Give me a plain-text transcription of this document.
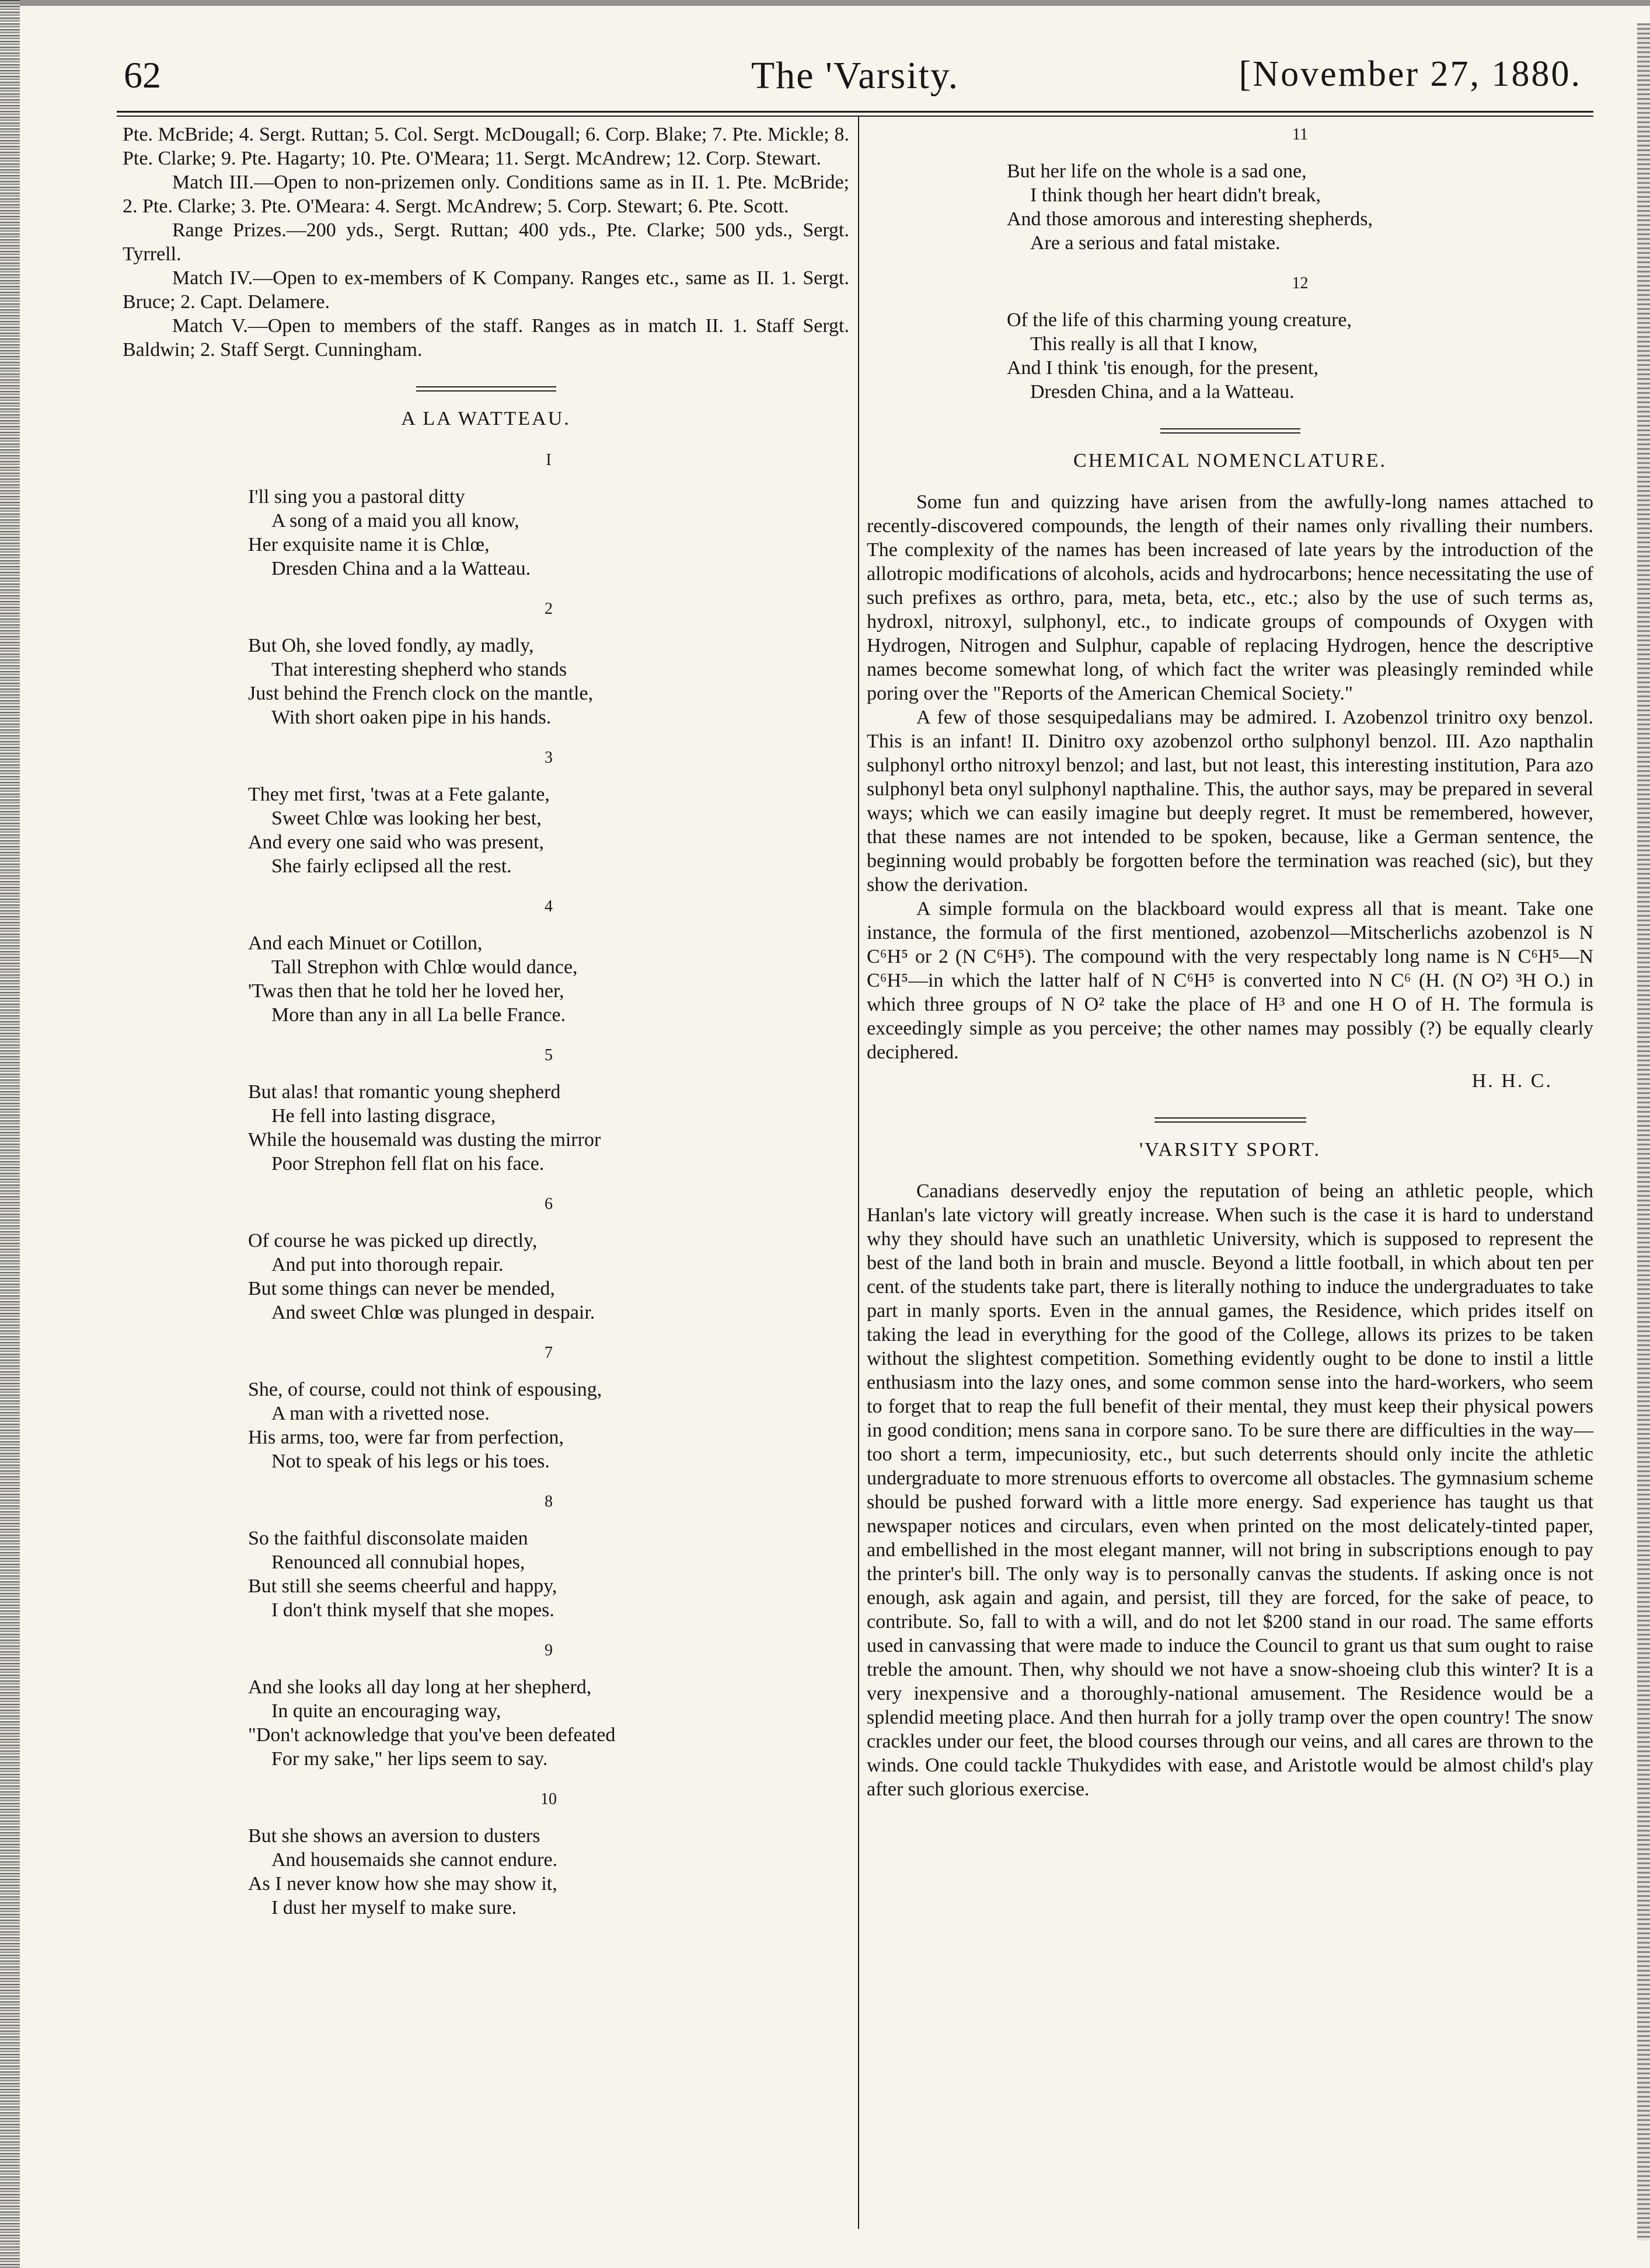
62	The 'Varsity.	[November 27, 1880.

Pte. McBride; 4. Sergt. Ruttan; 5. Col. Sergt. McDougall; 6. Corp. Blake; 7. Pte. Mickle; 8. Pte. Clarke; 9. Pte. Hagarty; 10. Pte. O'Meara; 11. Sergt. McAndrew; 12. Corp. Stewart.

Match III.—Open to non-prizemen only. Conditions same as in II. 1. Pte. McBride; 2. Pte. Clarke; 3. Pte. O'Meara: 4. Sergt. McAndrew; 5. Corp. Stewart; 6. Pte. Scott.

Range Prizes.—200 yds., Sergt. Ruttan; 400 yds., Pte. Clarke; 500 yds., Sergt. Tyrrell.

Match IV.—Open to ex-members of K Company. Ranges etc., same as II. 1. Sergt. Bruce; 2. Capt. Delamere.

Match V.—Open to members of the staff. Ranges as in match II. 1. Staff Sergt. Baldwin; 2. Staff Sergt. Cunningham.

A LA WATTEAU.
I
I'll sing you a pastoral ditty
A song of a maid you all know,
Her exquisite name it is Chlœ,
Dresden China and a la Watteau.
2
But Oh, she loved fondly, ay madly,
That interesting shepherd who stands
Just behind the French clock on the mantle,
With short oaken pipe in his hands.
3
They met first, 'twas at a Fete galante,
Sweet Chlœ was looking her best,
And every one said who was present,
She fairly eclipsed all the rest.
4
And each Minuet or Cotillon,
Tall Strephon with Chlœ would dance,
'Twas then that he told her he loved her,
More than any in all La belle France.
5
But alas! that romantic young shepherd
He fell into lasting disgrace,
While the housemald was dusting the mirror
Poor Strephon fell flat on his face.
6
Of course he was picked up directly,
And put into thorough repair.
But some things can never be mended,
And sweet Chlœ was plunged in despair.
7
She, of course, could not think of espousing,
A man with a rivetted nose.
His arms, too, were far from perfection,
Not to speak of his legs or his toes.
8
So the faithful disconsolate maiden
Renounced all connubial hopes,
But still she seems cheerful and happy,
I don't think myself that she mopes.
9
And she looks all day long at her shepherd,
In quite an encouraging way,
"Don't acknowledge that you've been defeated
For my sake," her lips seem to say.
10
But she shows an aversion to dusters
And housemaids she cannot endure.
As I never know how she may show it,
I dust her myself to make sure.
11
But her life on the whole is a sad one,
I think though her heart didn't break,
And those amorous and interesting shepherds,
Are a serious and fatal mistake.
12
Of the life of this charming young creature,
This really is all that I know,
And I think 'tis enough, for the present,
Dresden China, and a la Watteau.
CHEMICAL NOMENCLATURE.

Some fun and quizzing have arisen from the awfully-long names attached to recently-discovered compounds, the length of their names only rivalling their numbers. The complexity of the names has been increased of late years by the introduction of the allotropic modifications of alcohols, acids and hydrocarbons; hence necessitating the use of such prefixes as orthro, para, meta, beta, etc., etc.; also by the use of such terms as, hydroxl, nitroxyl, sulphonyl, etc., to indicate groups of compounds of Oxygen with Hydrogen, Nitrogen and Sulphur, capable of replacing Hydrogen, hence the descriptive names become somewhat long, of which fact the writer was pleasingly reminded while poring over the "Reports of the American Chemical Society."

A few of those sesquipedalians may be admired. I. Azobenzol trinitro oxy benzol. This is an infant! II. Dinitro oxy azobenzol ortho sulphonyl benzol. III. Azo napthalin sulphonyl ortho nitroxyl benzol; and last, but not least, this interesting institution, Para azo sulphonyl beta onyl sulphonyl napthaline. This, the author says, may be prepared in several ways; which we can easily imagine but deeply regret. It must be remembered, however, that these names are not intended to be spoken, because, like a German sentence, the beginning would probably be forgotten before the termination was reached (sic), but they show the derivation.

A simple formula on the blackboard would express all that is meant. Take one instance, the formula of the first mentioned, azobenzol—Mitscherlichs azobenzol is N C⁶H⁵ or 2 (N C⁶H⁵). The compound with the very respectably long name is N C⁶H⁵—N C⁶H⁵—in which the latter half of N C⁶H⁵ is converted into N C⁶ (H. (N O²) ³H O.) in which three groups of N O² take the place of H³ and one H O of H. The formula is exceedingly simple as you perceive; the other names may possibly (?) be equally clearly deciphered.

H. H. C.
'VARSITY SPORT.

Canadians deservedly enjoy the reputation of being an athletic people, which Hanlan's late victory will greatly increase. When such is the case it is hard to understand why they should have such an unathletic University, which is supposed to represent the best of the land both in brain and muscle. Beyond a little football, in which about ten per cent. of the students take part, there is literally nothing to induce the undergraduates to take part in manly sports. Even in the annual games, the Residence, which prides itself on taking the lead in everything for the good of the College, allows its prizes to be taken without the slightest competition. Something evidently ought to be done to instil a little enthusiasm into the lazy ones, and some common sense into the hard-workers, who seem to forget that to reap the full benefit of their mental, they must keep their physical powers in good condition; mens sana in corpore sano. To be sure there are difficulties in the way—too short a term, impecuniosity, etc., but such deterrents should only incite the athletic undergraduate to more strenuous efforts to overcome all obstacles. The gymnasium scheme should be pushed forward with a little more energy. Sad experience has taught us that newspaper notices and circulars, even when printed on the most delicately-tinted paper, and embellished in the most elegant manner, will not bring in subscriptions enough to pay the printer's bill. The only way is to personally canvas the students. If asking once is not enough, ask again and again, and persist, till they are forced, for the sake of peace, to contribute. So, fall to with a will, and do not let $200 stand in our road. The same efforts used in canvassing that were made to induce the Council to grant us that sum ought to raise treble the amount. Then, why should we not have a snow-shoeing club this winter? It is a very inexpensive and a thoroughly-national amusement. The Residence would be a splendid meeting place. And then hurrah for a jolly tramp over the open country! The snow crackles under our feet, the blood courses through our veins, and all cares are thrown to the winds. One could tackle Thukydides with ease, and Aristotle would be almost child's play after such glorious exercise.
